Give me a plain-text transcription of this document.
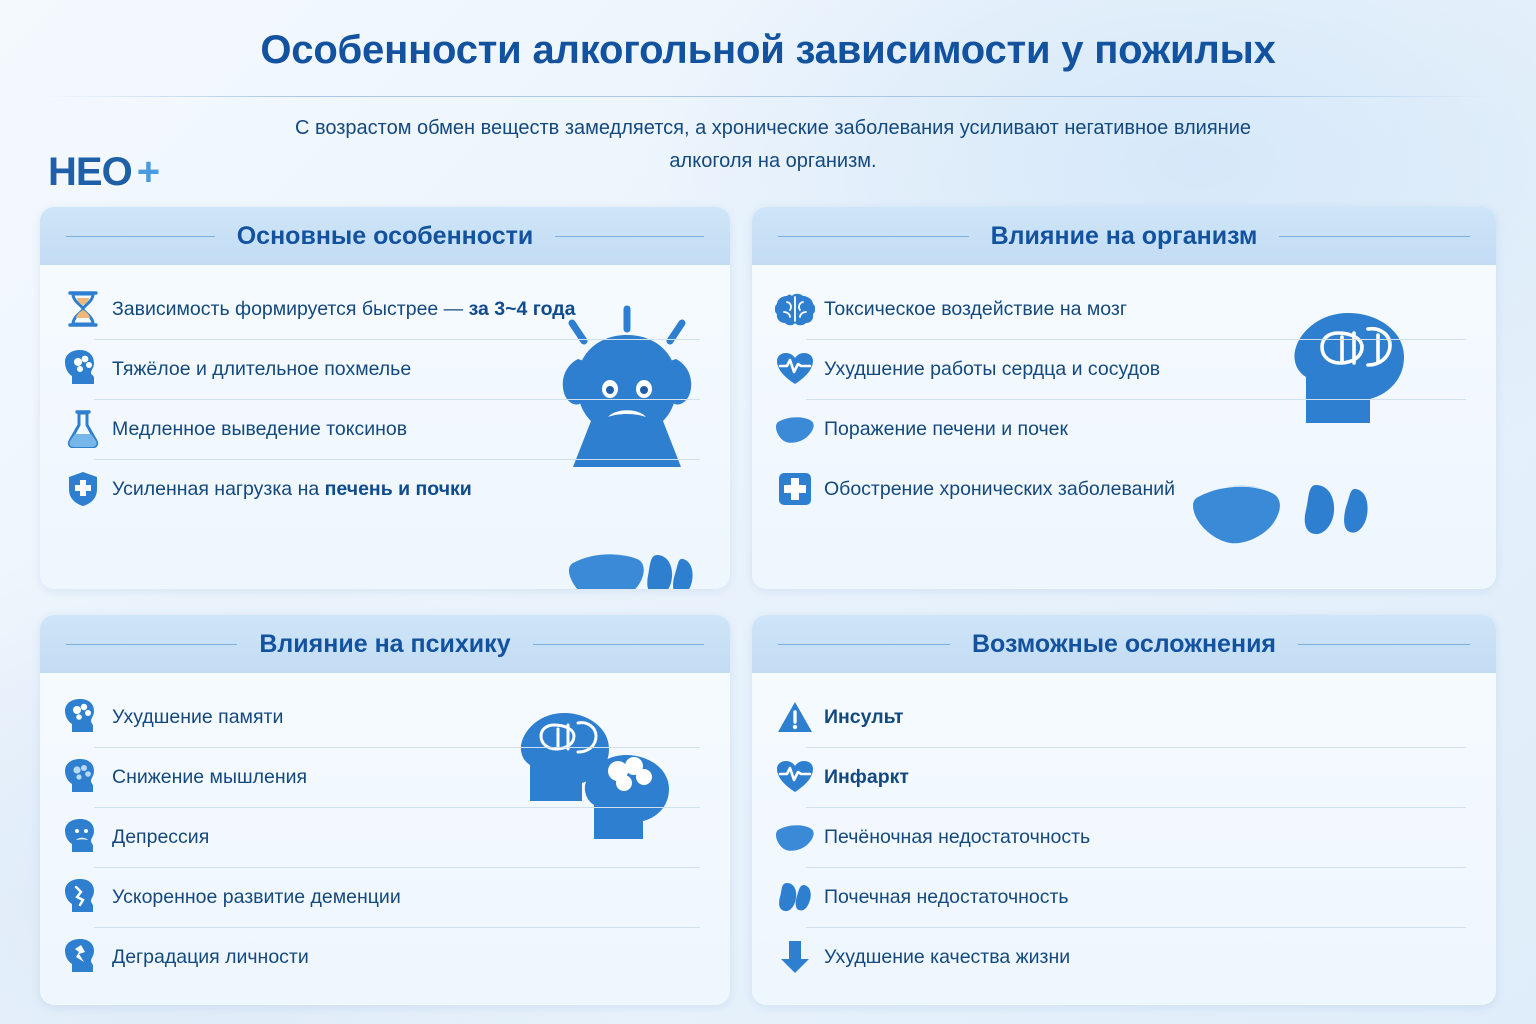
Особенности алкогольной зависимости у пожилых
С возрастом обмен веществ замедляется, а хронические заболевания усиливают негативное влияние алкоголя на организм.
НЕО +
Основные особенности
Зависимость формируется быстрее — за 3~4 года
Тяжёлое и длительное похмелье
Медленное выведение токсинов
Усиленная нагрузка на печень и почки
Влияние на организм
Токсическое воздействие на мозг
Ухудшение работы сердца и сосудов
Поражение печени и почек
Обострение хронических заболеваний
Влияние на психику
Ухудшение памяти
Снижение мышления
Депрессия
Ускоренное развитие деменции
Деградация личности
Возможные осложнения
Инсульт
Инфаркт
Печёночная недостаточность
Почечная недостаточность
Ухудшение качества жизни
